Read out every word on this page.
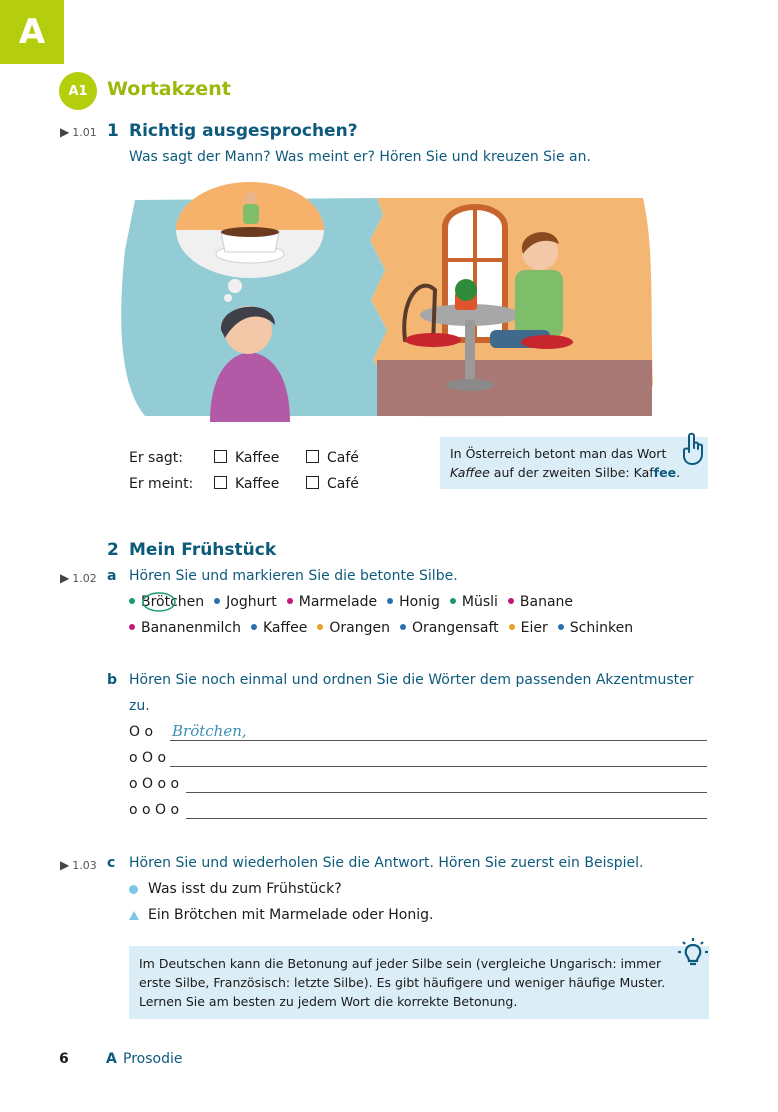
A
A1 Wortakzent
▶ 1.01 1 Richtig ausgesprochen?
Was sagt der Mann? Was meint er? Hören Sie und kreuzen Sie an.
Er sagt:	Kaffee	Café
Er meint:	Kaffee	Café
In Österreich betont man das Wort
Kaffee auf der zweiten Silbe: Kaffee.
2 Mein Frühstück
▶ 1.02 a Hören Sie und markieren Sie die betonte Silbe.
Brötchen Joghurt Marmelade Honig Müsli Banane
Bananenmilch Kaffee Orangen Orangensaft Eier Schinken
b Hören Sie noch einmal und ordnen Sie die Wörter dem passenden Akzentmuster
zu.
O o Brötchen,
o O o
o O o o
o o O o
▶ 1.03 c Hören Sie und wiederholen Sie die Antwort. Hören Sie zuerst ein Beispiel.
Was isst du zum Frühstück?
Ein Brötchen mit Marmelade oder Honig.
Im Deutschen kann die Betonung auf jeder Silbe sein (vergleiche Ungarisch: immer
erste Silbe, Französisch: letzte Silbe). Es gibt häufigere und weniger häufige Muster.
Lernen Sie am besten zu jedem Wort die korrekte Betonung.
6	A Prosodie
